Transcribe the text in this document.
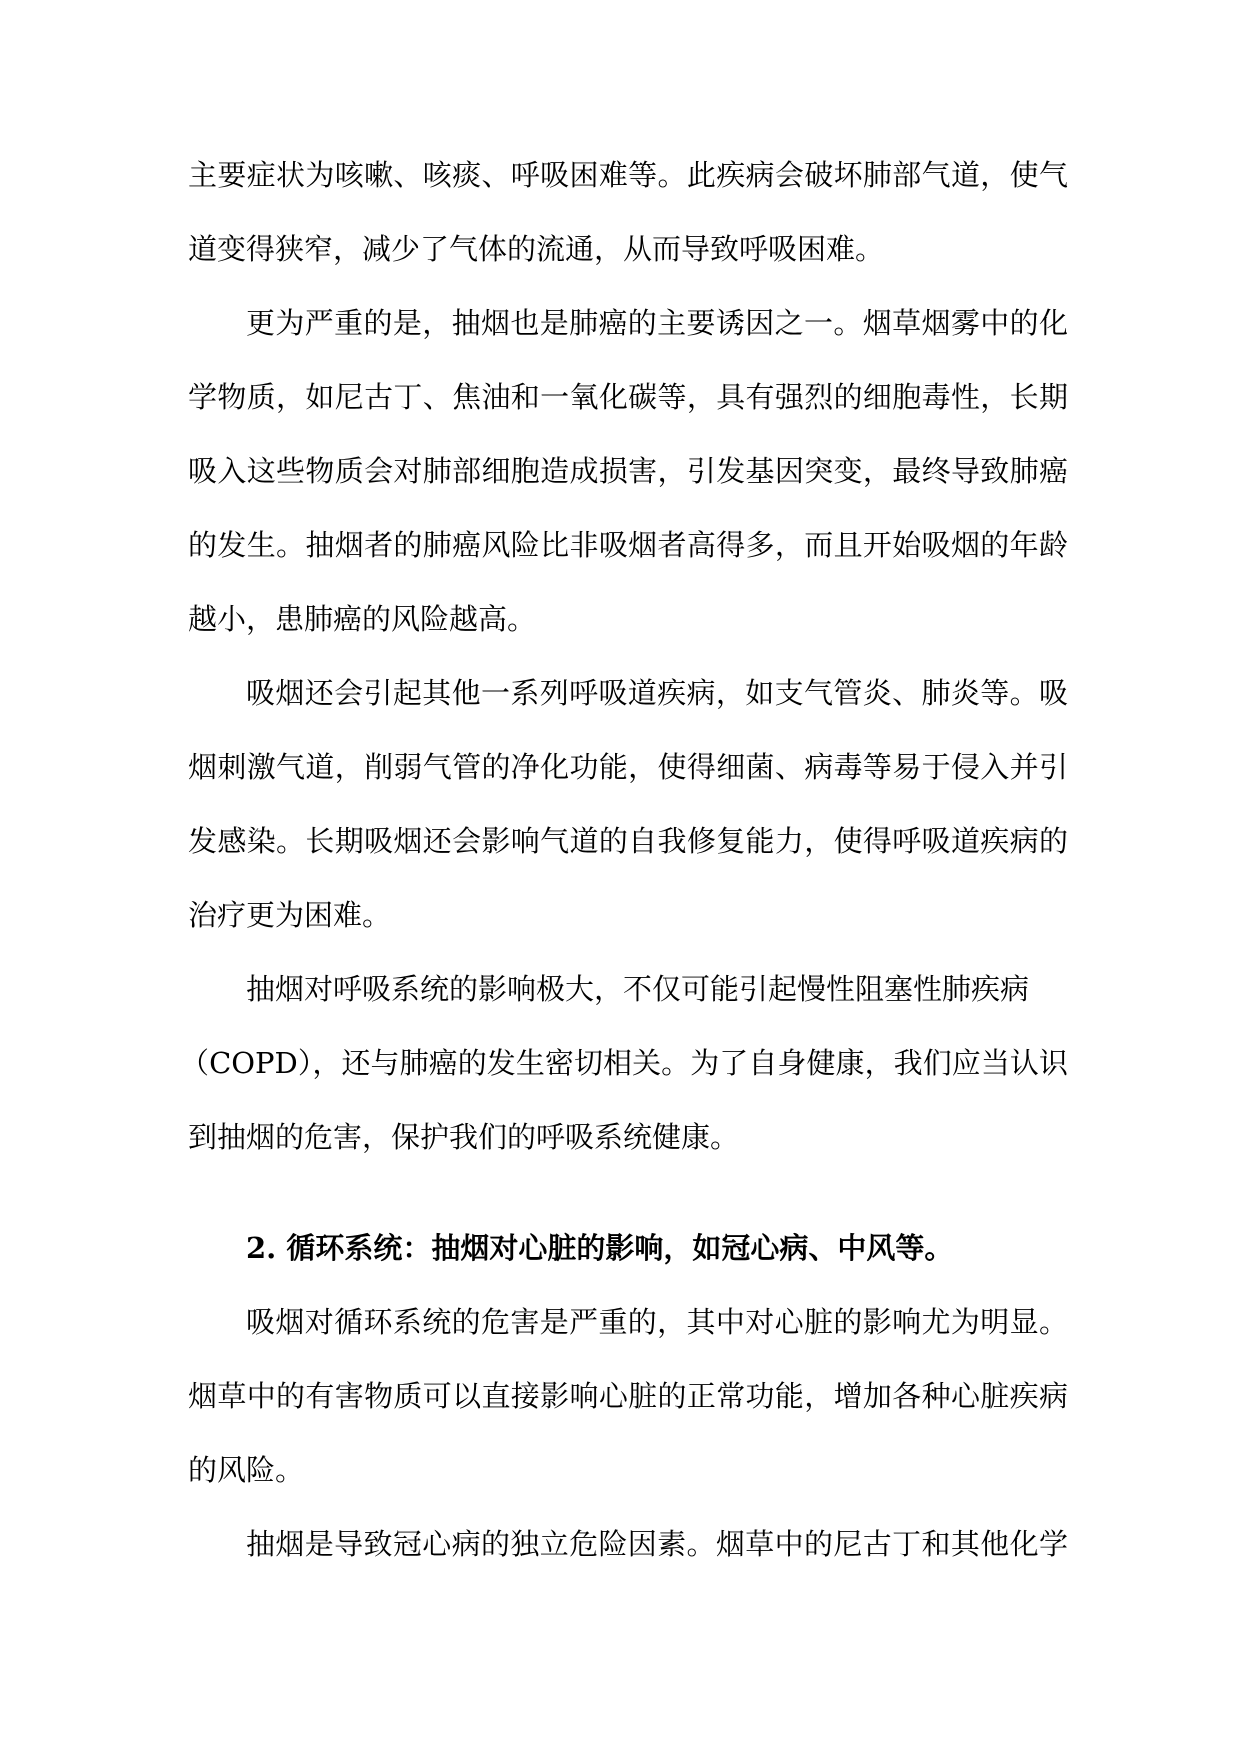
主要症状为咳嗽、咳痰、呼吸困难等。此疾病会破坏肺部气道，使气
道变得狭窄，减少了气体的流通，从而导致呼吸困难。
更为严重的是，抽烟也是肺癌的主要诱因之一。烟草烟雾中的化
学物质，如尼古丁、焦油和一氧化碳等，具有强烈的细胞毒性，长期
吸入这些物质会对肺部细胞造成损害，引发基因突变，最终导致肺癌
的发生。抽烟者的肺癌风险比非吸烟者高得多，而且开始吸烟的年龄
越小，患肺癌的风险越高。
吸烟还会引起其他一系列呼吸道疾病，如支气管炎、肺炎等。吸
烟刺激气道，削弱气管的净化功能，使得细菌、病毒等易于侵入并引
发感染。长期吸烟还会影响气道的自我修复能力，使得呼吸道疾病的
治疗更为困难。
抽烟对呼吸系统的影响极大，不仅可能引起慢性阻塞性肺疾病
（COPD），还与肺癌的发生密切相关。为了自身健康，我们应当认识
到抽烟的危害，保护我们的呼吸系统健康。
2. 循环系统：抽烟对心脏的影响，如冠心病、中风等。
吸烟对循环系统的危害是严重的，其中对心脏的影响尤为明显。
烟草中的有害物质可以直接影响心脏的正常功能，增加各种心脏疾病
的风险。
抽烟是导致冠心病的独立危险因素。烟草中的尼古丁和其他化学
